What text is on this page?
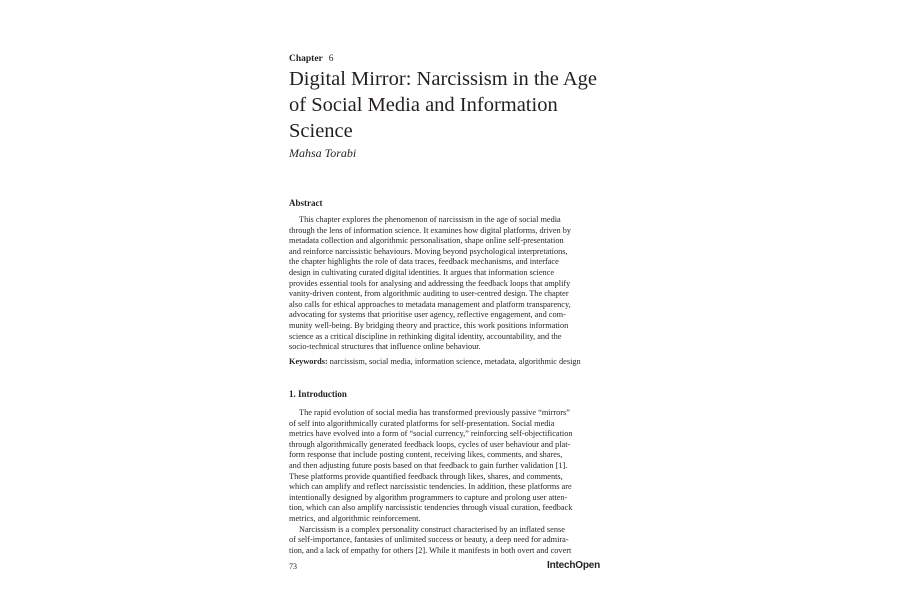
Chapter 6
Digital Mirror: Narcissism in the Age of Social Media and Information Science
Mahsa Torabi
Abstract

This chapter explores the phenomenon of narcissism in the age of social media
through the lens of information science. It examines how digital platforms, driven by
metadata collection and algorithmic personalisation, shape online self-presentation
and reinforce narcissistic behaviours. Moving beyond psychological interpretations,
the chapter highlights the role of data traces, feedback mechanisms, and interface
design in cultivating curated digital identities. It argues that information science
provides essential tools for analysing and addressing the feedback loops that amplify
vanity-driven content, from algorithmic auditing to user-centred design. The chapter
also calls for ethical approaches to metadata management and platform transparency,
advocating for systems that prioritise user agency, reflective engagement, and com-
munity well-being. By bridging theory and practice, this work positions information
science as a critical discipline in rethinking digital identity, accountability, and the
socio-technical structures that influence online behaviour.

Keywords: narcissism, social media, information science, metadata, algorithmic design
1. Introduction

The rapid evolution of social media has transformed previously passive “mirrors”
of self into algorithmically curated platforms for self-presentation. Social media
metrics have evolved into a form of “social currency,” reinforcing self-objectification
through algorithmically generated feedback loops, cycles of user behaviour and plat-
form response that include posting content, receiving likes, comments, and shares,
and then adjusting future posts based on that feedback to gain further validation [1].
These platforms provide quantified feedback through likes, shares, and comments,
which can amplify and reflect narcissistic tendencies. In addition, these platforms are
intentionally designed by algorithm programmers to capture and prolong user atten-
tion, which can also amplify narcissistic tendencies through visual curation, feedback
metrics, and algorithmic reinforcement.
Narcissism is a complex personality construct characterised by an inflated sense
of self-importance, fantasies of unlimited success or beauty, a deep need for admira-
tion, and a lack of empathy for others [2]. While it manifests in both overt and covert

73	IntechOpen
